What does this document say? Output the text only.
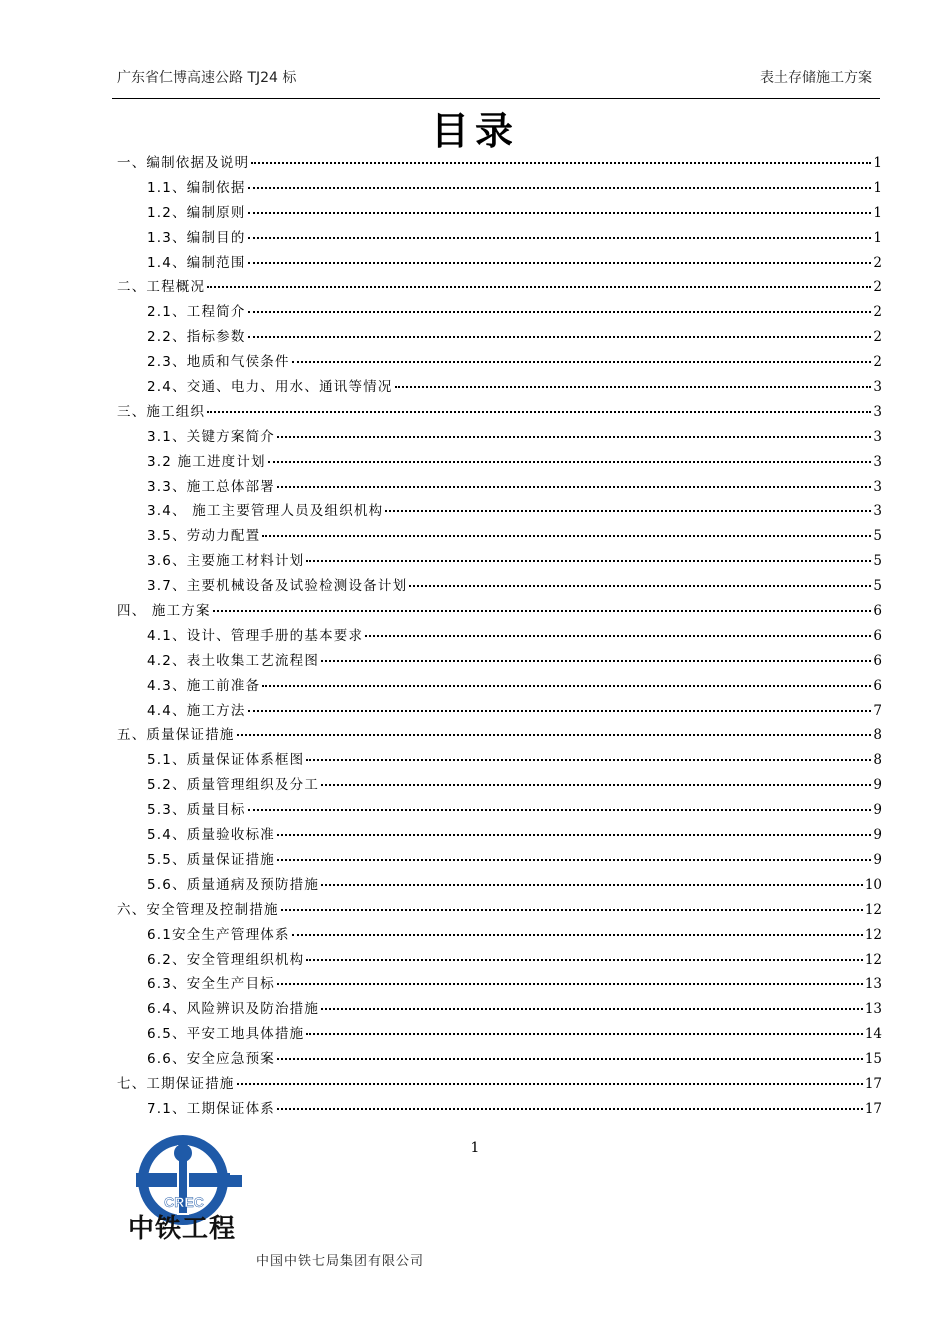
广东省仁博高速公路 TJ24 标	表土存储施工方案
目录
一、编制依据及说明	1
1.1、编制依据	1
1.2、编制原则	1
1.3、编制目的	1
1.4、编制范围	2
二、工程概况	2
2.1、工程简介	2
2.2、指标参数	2
2.3、地质和气侯条件	2
2.4、交通、电力、用水、通讯等情况	3
三、施工组织	3
3.1、关键方案简介	3
3.2 施工进度计划	3
3.3、施工总体部署	3
3.4、 施工主要管理人员及组织机构	3
3.5、劳动力配置	5
3.6、主要施工材料计划	5
3.7、主要机械设备及试验检测设备计划	5
四、 施工方案	6
4.1、设计、管理手册的基本要求	6
4.2、表土收集工艺流程图	6
4.3、施工前准备	6
4.4、施工方法	7
五、质量保证措施	8
5.1、质量保证体系框图	8
5.2、质量管理组织及分工	9
5.3、质量目标	9
5.4、质量验收标准	9
5.5、质量保证措施	9
5.6、质量通病及预防措施	10
六、安全管理及控制措施	12
6.1安全生产管理体系	12
6.2、安全管理组织机构	12
6.3、安全生产目标	13
6.4、风险辨识及防治措施	13
6.5、平安工地具体措施	14
6.6、安全应急预案	15
七、工期保证措施	17
7.1、工期保证体系	17
1
CREC
中铁工程
中国中铁七局集团有限公司
